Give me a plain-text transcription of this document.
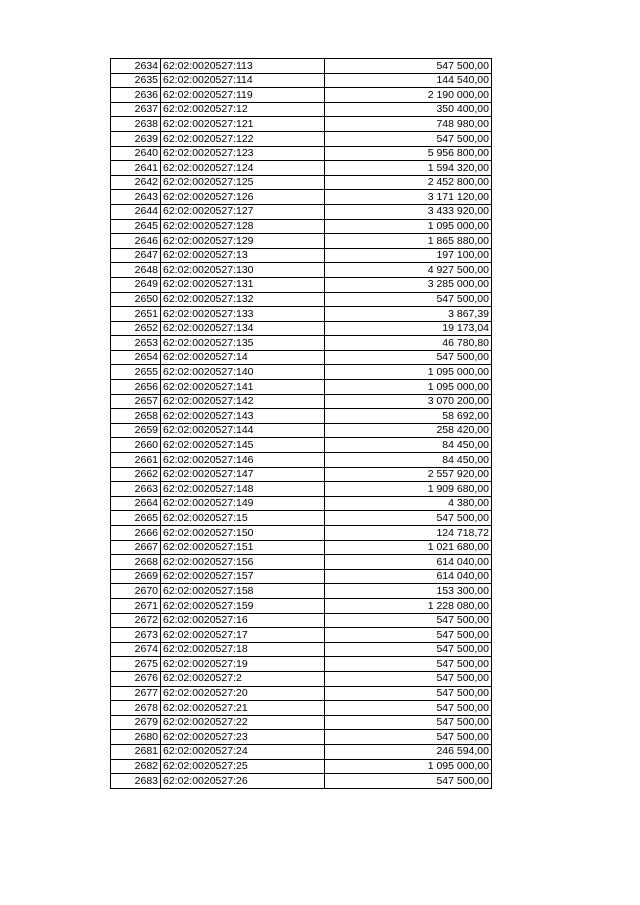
2634	62:02:0020527:113	547 500,00
2635	62:02:0020527:114	144 540,00
2636	62:02:0020527:119	2 190 000,00
2637	62:02:0020527:12	350 400,00
2638	62:02:0020527:121	748 980,00
2639	62:02:0020527:122	547 500,00
2640	62:02:0020527:123	5 956 800,00
2641	62:02:0020527:124	1 594 320,00
2642	62:02:0020527:125	2 452 800,00
2643	62:02:0020527:126	3 171 120,00
2644	62:02:0020527:127	3 433 920,00
2645	62:02:0020527:128	1 095 000,00
2646	62:02:0020527:129	1 865 880,00
2647	62:02:0020527:13	197 100,00
2648	62:02:0020527:130	4 927 500,00
2649	62:02:0020527:131	3 285 000,00
2650	62:02:0020527:132	547 500,00
2651	62:02:0020527:133	3 867,39
2652	62:02:0020527:134	19 173,04
2653	62:02:0020527:135	46 780,80
2654	62:02:0020527:14	547 500,00
2655	62:02:0020527:140	1 095 000,00
2656	62:02:0020527:141	1 095 000,00
2657	62:02:0020527:142	3 070 200,00
2658	62:02:0020527:143	58 692,00
2659	62:02:0020527:144	258 420,00
2660	62:02:0020527:145	84 450,00
2661	62:02:0020527:146	84 450,00
2662	62:02:0020527:147	2 557 920,00
2663	62:02:0020527:148	1 909 680,00
2664	62:02:0020527:149	4 380,00
2665	62:02:0020527:15	547 500,00
2666	62:02:0020527:150	124 718,72
2667	62:02:0020527:151	1 021 680,00
2668	62:02:0020527:156	614 040,00
2669	62:02:0020527:157	614 040,00
2670	62:02:0020527:158	153 300,00
2671	62:02:0020527:159	1 228 080,00
2672	62:02:0020527:16	547 500,00
2673	62:02:0020527:17	547 500,00
2674	62:02:0020527:18	547 500,00
2675	62:02:0020527:19	547 500,00
2676	62:02:0020527:2	547 500,00
2677	62:02:0020527:20	547 500,00
2678	62:02:0020527:21	547 500,00
2679	62:02:0020527:22	547 500,00
2680	62:02:0020527:23	547 500,00
2681	62:02:0020527:24	246 594,00
2682	62:02:0020527:25	1 095 000,00
2683	62:02:0020527:26	547 500,00
